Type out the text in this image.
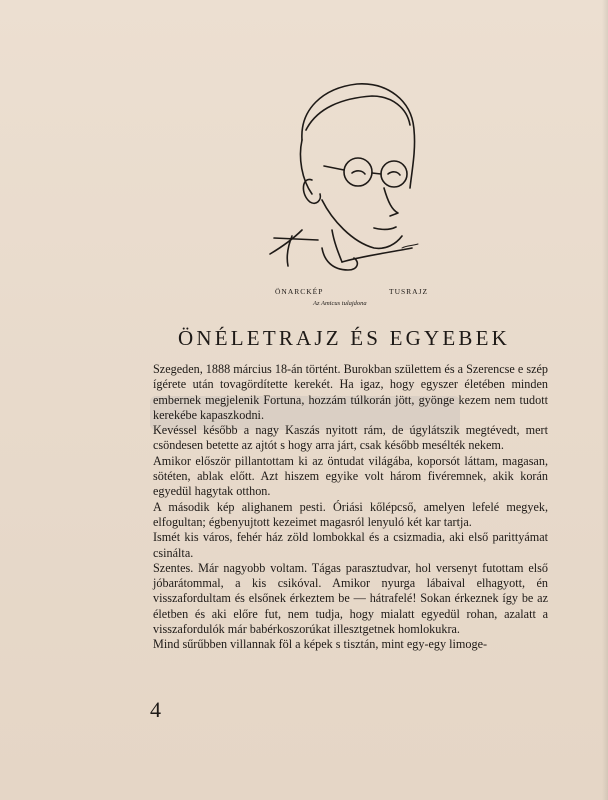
ÖNARCKÉP	TUSRAJZ
Az Amicus tulajdona
ÖNÉLETRAJZ ÉS EGYEBEK

Szegeden, 1888 március 18-án történt. Burokban születtem és a Szerencse e szép ígérete után tovagördítette kerekét. Ha igaz, hogy egyszer életében minden embernek megjelenik Fortuna, hozzám túlkorán jött, gyönge kezem nem tudott kerekébe kapaszkodni.

Kevéssel később a nagy Kaszás nyitott rám, de úgylátszik megtévedt, mert csöndesen betette az ajtót s hogy arra járt, csak később mesélték nekem.

Amikor először pillantottam ki az öntudat világába, koporsót láttam, magasan, sötéten, ablak előtt. Azt hiszem egyike volt három fivéremnek, akik korán egyedül hagytak otthon.

A második kép alighanem pesti. Óriási kőlépcső, amelyen lefelé megyek, elfogultan; égbenyujtott kezeimet magasról lenyuló két kar tartja.

Ismét kis város, fehér ház zöld lombokkal és a csizmadia, aki első parittyámat csinálta.

Szentes. Már nagyobb voltam. Tágas parasztudvar, hol versenyt futottam első jóbarátommal, a kis csikóval. Amikor nyurga lábaival elhagyott, én visszafordultam és elsőnek érkeztem be — hátrafelé! Sokan érkeznek így be az életben és aki előre fut, nem tudja, hogy mialatt egyedül rohan, azalatt a visszafordulók már babérkoszorúkat illesztgetnek homlokukra.

Mind sűrűbben villannak föl a képek s tisztán, mint egy-egy limoge-

4
